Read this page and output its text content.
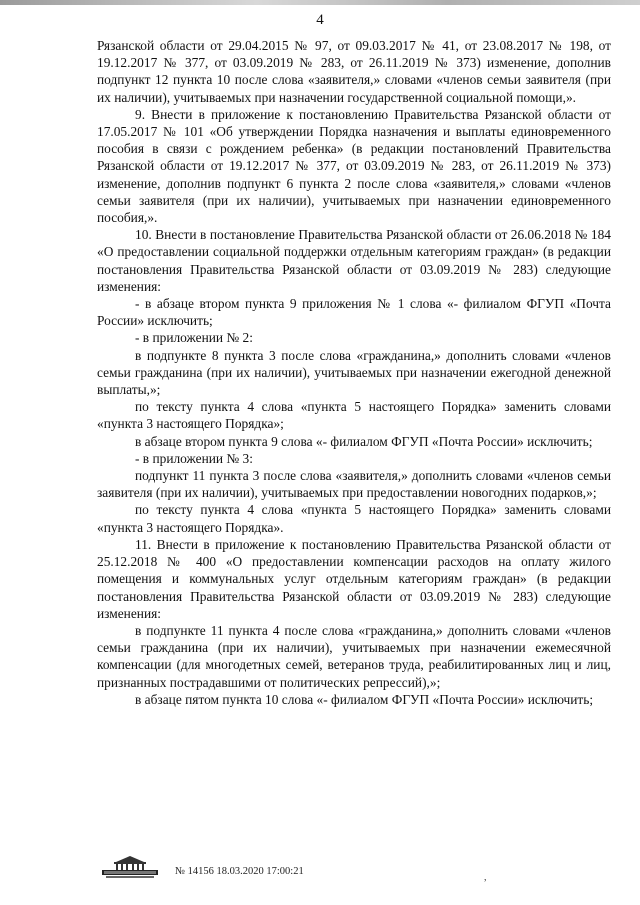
4

Рязанской области от 29.04.2015 № 97, от 09.03.2017 № 41, от 23.08.2017 № 198, от 19.12.2017 № 377, от 03.09.2019 № 283, от 26.11.2019 № 373) изменение, дополнив подпункт 12 пункта 10 после слова «заявителя,» словами «членов семьи заявителя (при их наличии), учитываемых при назначении государственной социальной помощи,».

9. Внести в приложение к постановлению Правительства Рязанской области от 17.05.2017 № 101 «Об утверждении Порядка назначения и выплаты единовременного пособия в связи с рождением ребенка» (в редакции постановлений Правительства Рязанской области от 19.12.2017 № 377, от 03.09.2019 № 283, от 26.11.2019 № 373) изменение, дополнив подпункт 6 пункта 2 после слова «заявителя,» словами «членов семьи заявителя (при их наличии), учитываемых при назначении единовременного пособия,».

10. Внести в постановление Правительства Рязанской области от 26.06.2018 № 184 «О предоставлении социальной поддержки отдельным категориям граждан» (в редакции постановления Правительства Рязанской области от 03.09.2019 № 283) следующие изменения:

- в абзаце втором пункта 9 приложения № 1 слова «- филиалом ФГУП «Почта России» исключить;

- в приложении № 2:

в подпункте 8 пункта 3 после слова «гражданина,» дополнить словами «членов семьи гражданина (при их наличии), учитываемых при назначении ежегодной денежной выплаты,»;

по тексту пункта 4 слова «пункта 5 настоящего Порядка» заменить словами «пункта 3 настоящего Порядка»;

в абзаце втором пункта 9 слова «- филиалом ФГУП «Почта России» исключить;

- в приложении № 3:

подпункт 11 пункта 3 после слова «заявителя,» дополнить словами «членов семьи заявителя (при их наличии), учитываемых при предоставлении новогодних подарков,»;

по тексту пункта 4 слова «пункта 5 настоящего Порядка» заменить словами «пункта 3 настоящего Порядка».

11. Внести в приложение к постановлению Правительства Рязанской области от 25.12.2018 № 400 «О предоставлении компенсации расходов на оплату жилого помещения и коммунальных услуг отдельным категориям граждан» (в редакции постановления Правительства Рязанской области от 03.09.2019 № 283) следующие изменения:

в подпункте 11 пункта 4 после слова «гражданина,» дополнить словами «членов семьи гражданина (при их наличии), учитываемых при назначении ежемесячной компенсации (для многодетных семей, ветеранов труда, реабилитированных лиц и лиц, признанных пострадавшими от политических репрессий),»;

в абзаце пятом пункта 10 слова «- филиалом ФГУП «Почта России» исключить;

№ 14156 18.03.2020 17:00:21
,
